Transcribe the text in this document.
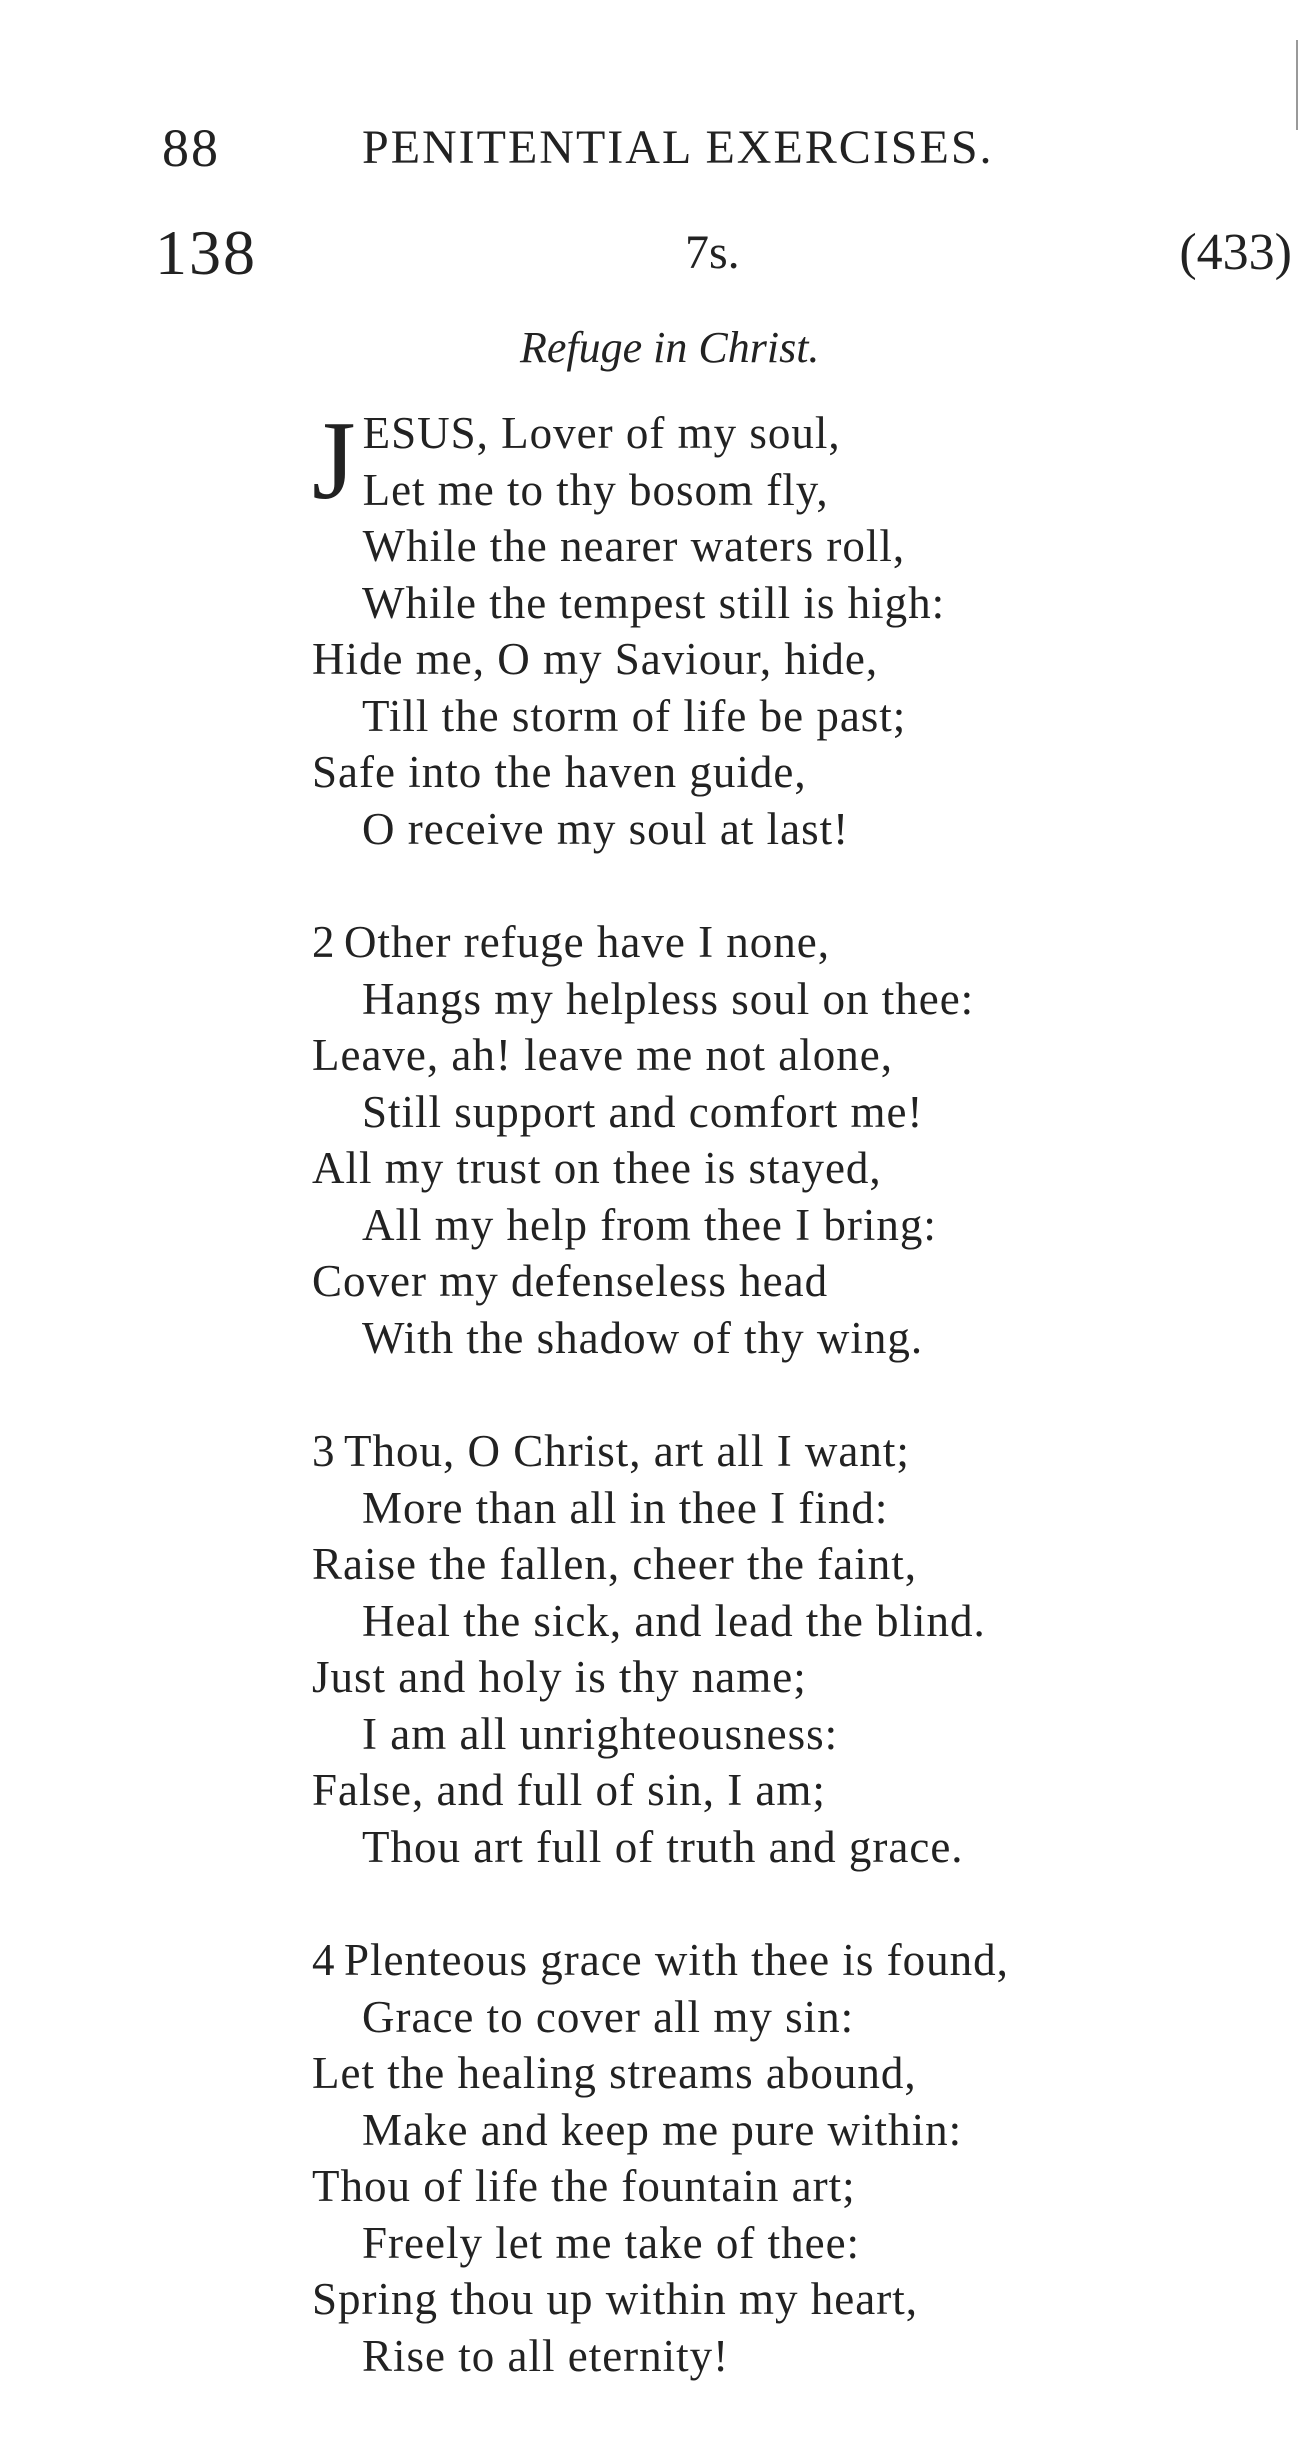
88	PENITENTIAL EXERCISES.
138	7s.	(433)
Refuge in Christ.
J ESUS, Lover of my soul,
Let me to thy bosom fly,
While the nearer waters roll,
While the tempest still is high:
Hide me, O my Saviour, hide,
Till the storm of life be past;
Safe into the haven guide,
O receive my soul at last!
2 Other refuge have I none,
Hangs my helpless soul on thee:
Leave, ah! leave me not alone,
Still support and comfort me!
All my trust on thee is stayed,
All my help from thee I bring:
Cover my defenseless head
With the shadow of thy wing.
3 Thou, O Christ, art all I want;
More than all in thee I find:
Raise the fallen, cheer the faint,
Heal the sick, and lead the blind.
Just and holy is thy name;
I am all unrighteousness:
False, and full of sin, I am;
Thou art full of truth and grace.
4 Plenteous grace with thee is found,
Grace to cover all my sin:
Let the healing streams abound,
Make and keep me pure within:
Thou of life the fountain art;
Freely let me take of thee:
Spring thou up within my heart,
Rise to all eternity!
